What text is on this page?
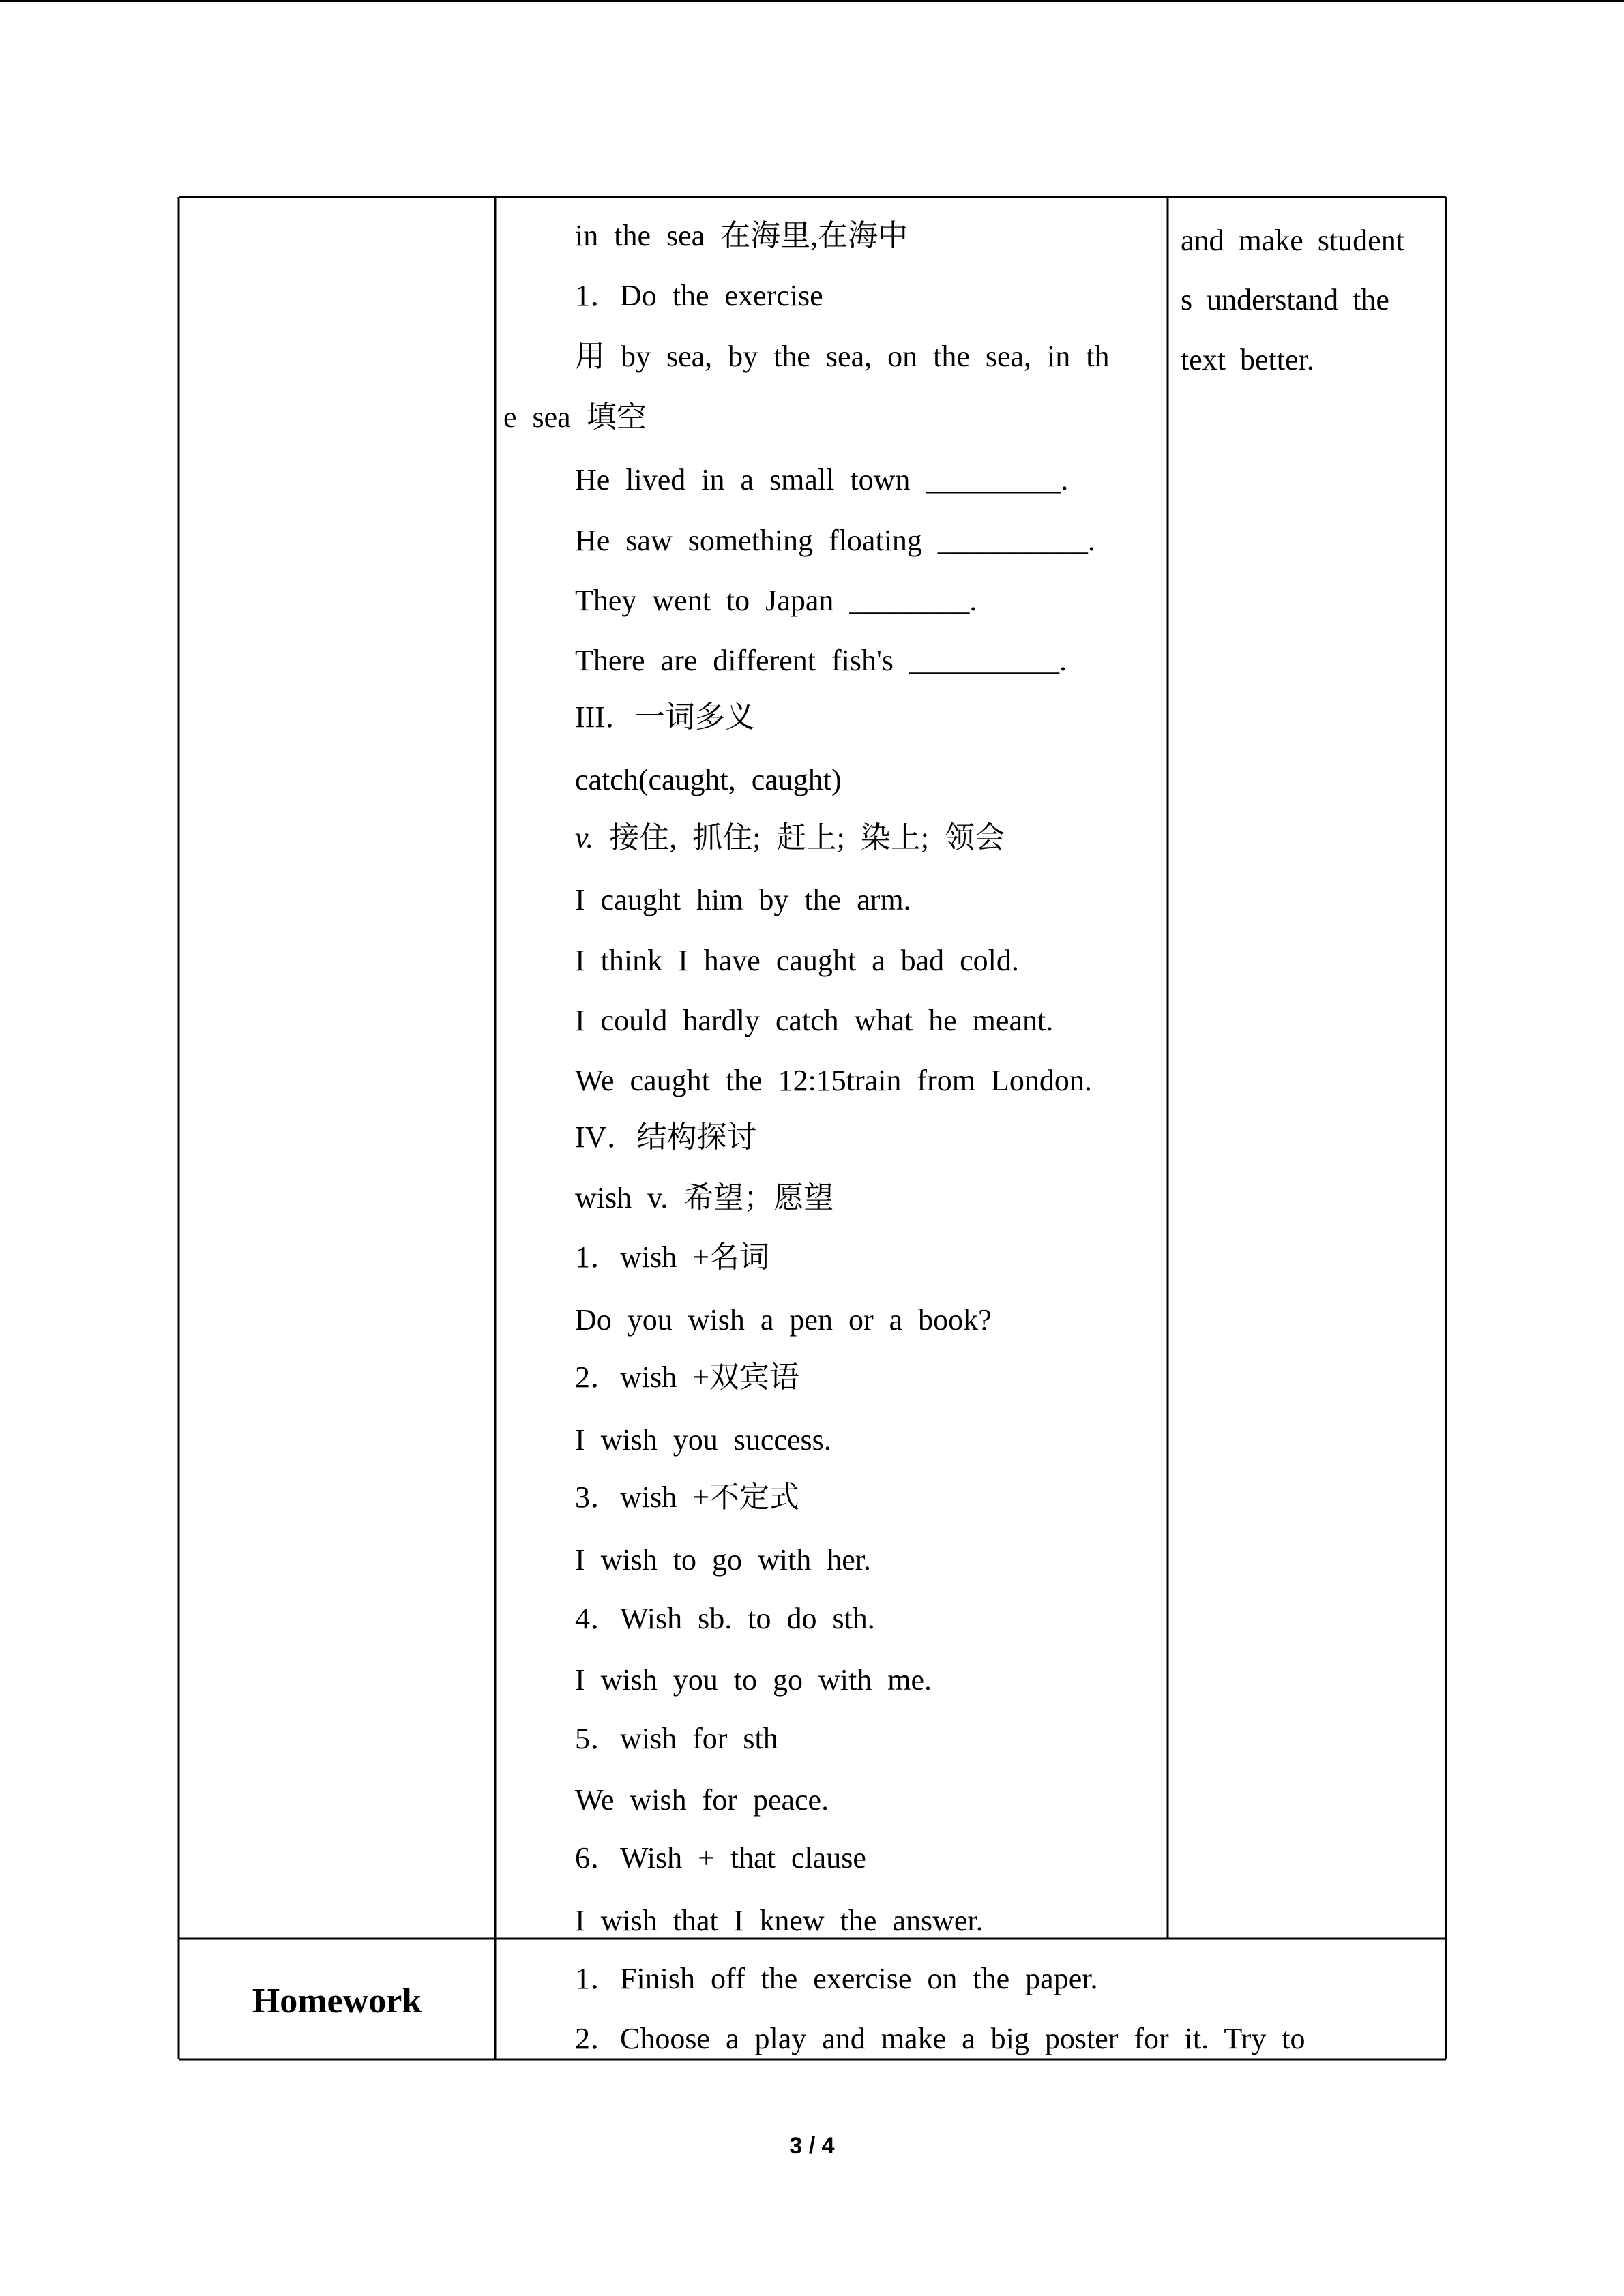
in the sea 在海里,在海中
1．Do the exercise
用 by sea, by the sea, on the sea, in th
e sea 填空
He lived in a small town _________.
He saw something floating __________.
They went to Japan ________.
There are different fish's __________.
III．一词多义
catch(caught, caught)
v. 接住, 抓住; 赶上; 染上; 领会
I caught him by the arm.
I think I have caught a bad cold.
I could hardly catch what he meant.
We caught the 12:15train from London.
IV．结构探讨
wish v. 希望；愿望
1．wish +名词
Do you wish a pen or a book?
2．wish +双宾语
I wish you success.
3．wish +不定式
I wish to go with her.
4．Wish sb. to do sth.
I wish you to go with me.
5．wish for sth
We wish for peace.
6．Wish + that clause
I wish that I knew the answer.
and make student
s understand the
text better.
Homework
1．Finish off the exercise on the paper.
2．Choose a play and make a big poster for it. Try to
3 / 4
